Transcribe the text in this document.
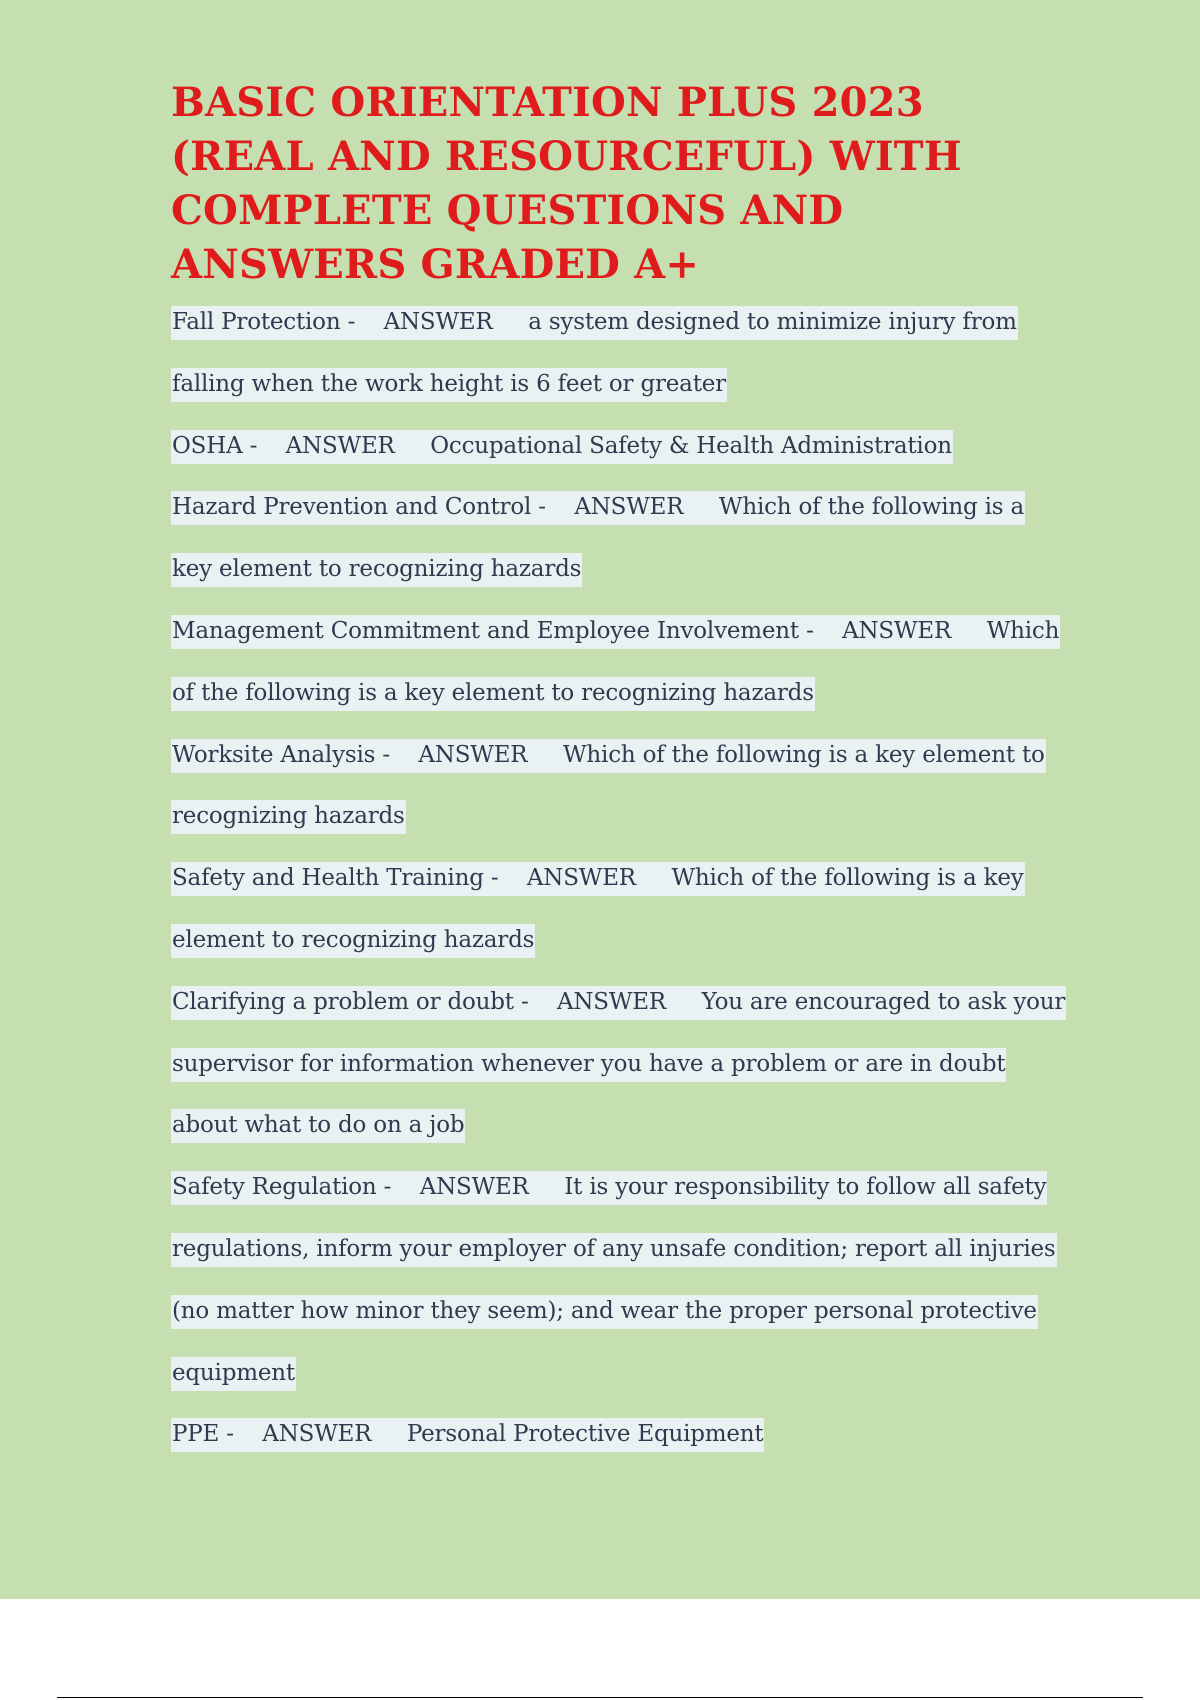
BASIC ORIENTATION PLUS 2023 (REAL AND RESOURCEFUL) WITH COMPLETE QUESTIONS AND ANSWERS GRADED A+

Fall Protection -    ANSWER a system designed to minimize injury from falling when the work height is 6 feet or greater

OSHA -    ANSWER Occupational Safety & Health Administration

Hazard Prevention and Control -    ANSWER Which of the following is a key element to recognizing hazards

Management Commitment and Employee Involvement -    ANSWER Which of the following is a key element to recognizing hazards

Worksite Analysis -    ANSWER Which of the following is a key element to recognizing hazards

Safety and Health Training -    ANSWER Which of the following is a key element to recognizing hazards

Clarifying a problem or doubt -    ANSWER You are encouraged to ask your supervisor for information whenever you have a problem or are in doubt about what to do on a job

Safety Regulation -    ANSWER It is your responsibility to follow all safety regulations, inform your employer of any unsafe condition; report all injuries (no matter how minor they seem); and wear the proper personal protective equipment

PPE -    ANSWER Personal Protective Equipment
